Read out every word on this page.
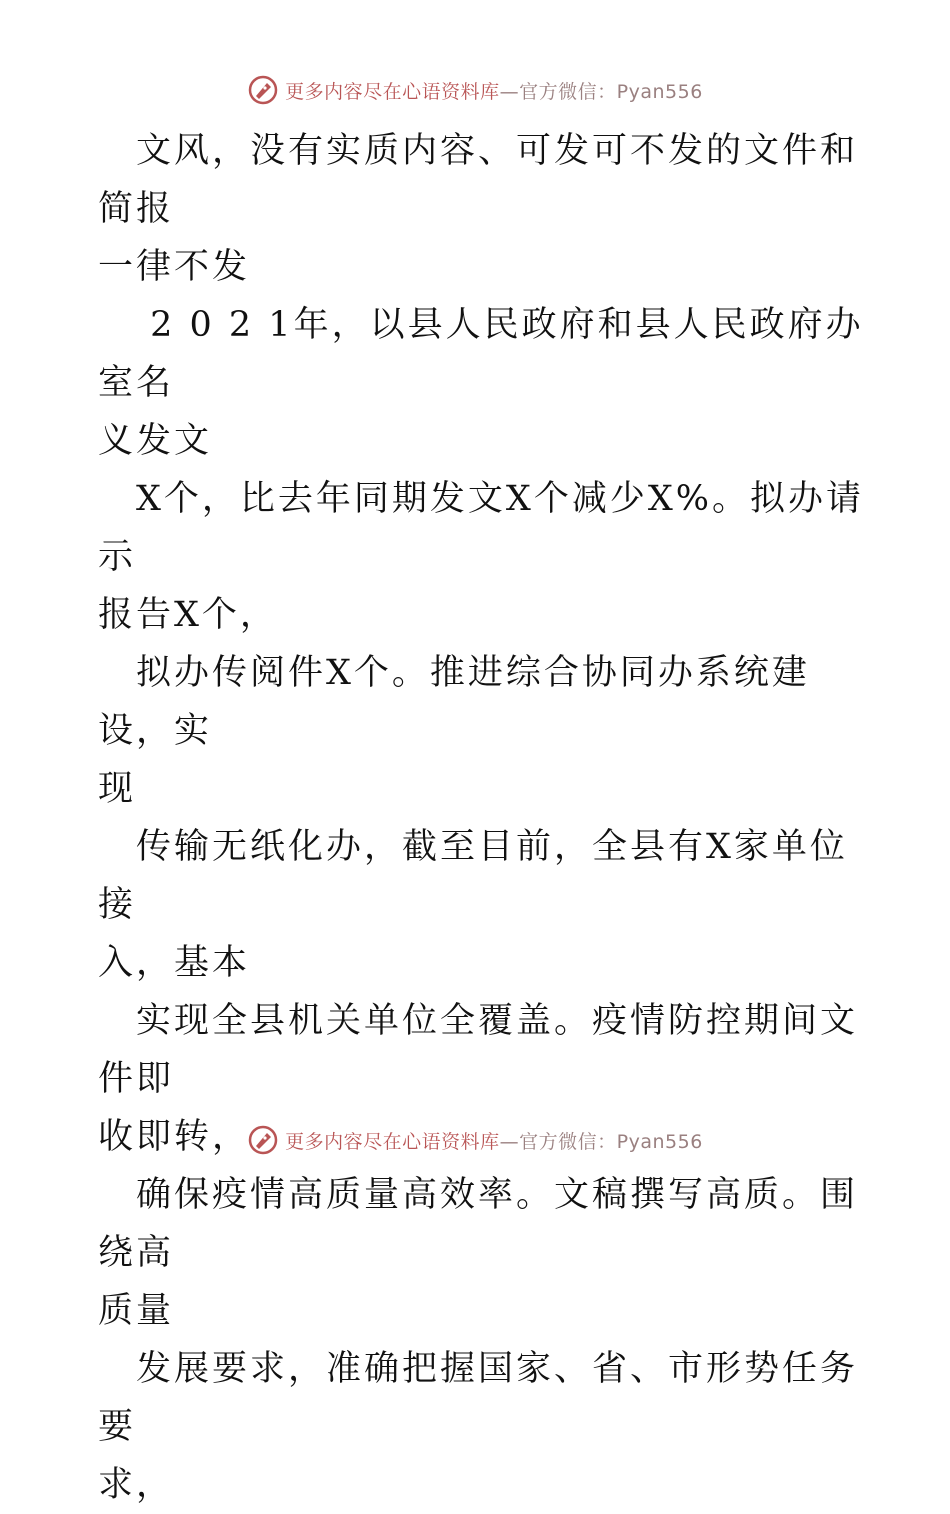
更多内容尽在心语资料库—官方微信：Pyan556

文风，没有实质内容、可发可不发的文件和简报

一律不发

2 0 2 1年，以县人民政府和县人民政府办室名

义发文

X个，比去年同期发文X个减少X%。拟办请示

报告X个，

拟办传阅件X个。推进综合协同办系统建设，实

现

传输无纸化办，截至目前，全县有X家单位接

入，基本

实现全县机关单位全覆盖。疫情防控期间文件即

收即转，

确保疫情高质量高效率。文稿撰写高质。围绕高

质量

发展要求，准确把握国家、省、市形势任务要

求，

更多内容尽在心语资料库—官方微信：Pyan556
